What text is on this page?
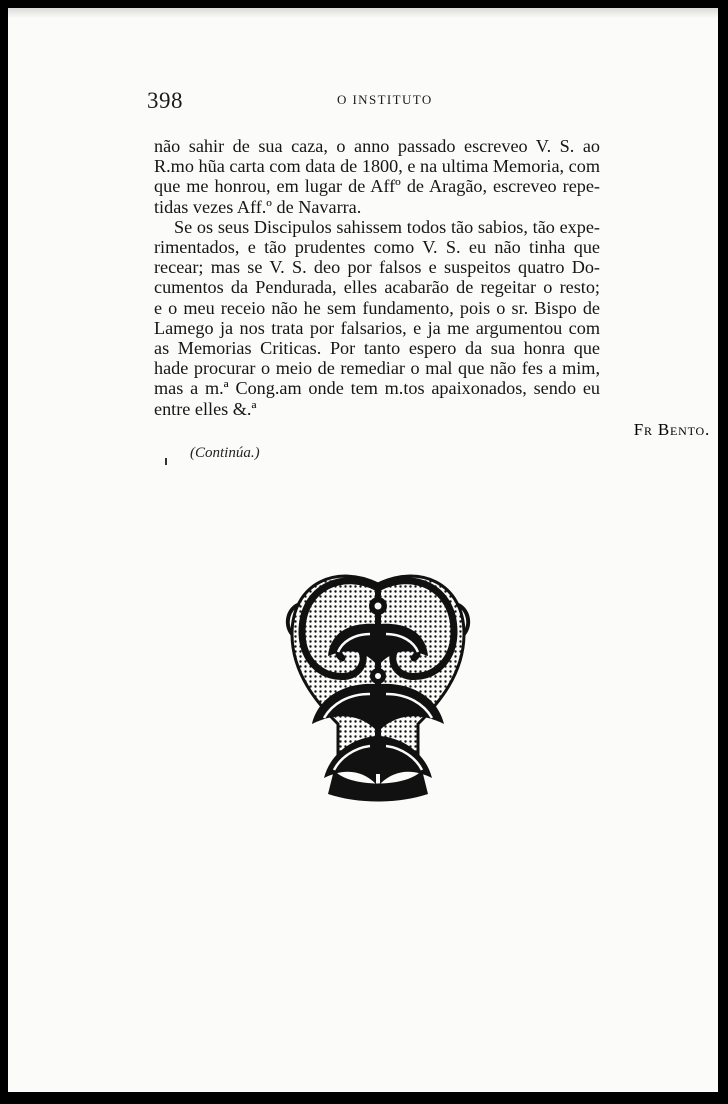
398	O INSTITUTO
não sahir de sua caza, o anno passado escreveo V. S. ao
R.mo hũa carta com data de 1800, e na ultima Memoria, com
que me honrou, em lugar de Affº de Aragão, escreveo repe-
tidas vezes Aff.º de Navarra.
Se os seus Discipulos sahissem todos tão sabios, tão expe-
rimentados, e tão prudentes como V. S. eu não tinha que
recear; mas se V. S. deo por falsos e suspeitos quatro Do-
cumentos da Pendurada, elles acabarão de regeitar o resto;
e o meu receio não he sem fundamento, pois o sr. Bispo de
Lamego ja nos trata por falsarios, e ja me argumentou com
as Memorias Criticas. Por tanto espero da sua honra que
hade procurar o meio de remediar o mal que não fes a mim,
mas a m.ª Cong.am onde tem m.tos apaixonados, sendo eu
entre elles &.ª
Fr Bento.
(Continúa.)
